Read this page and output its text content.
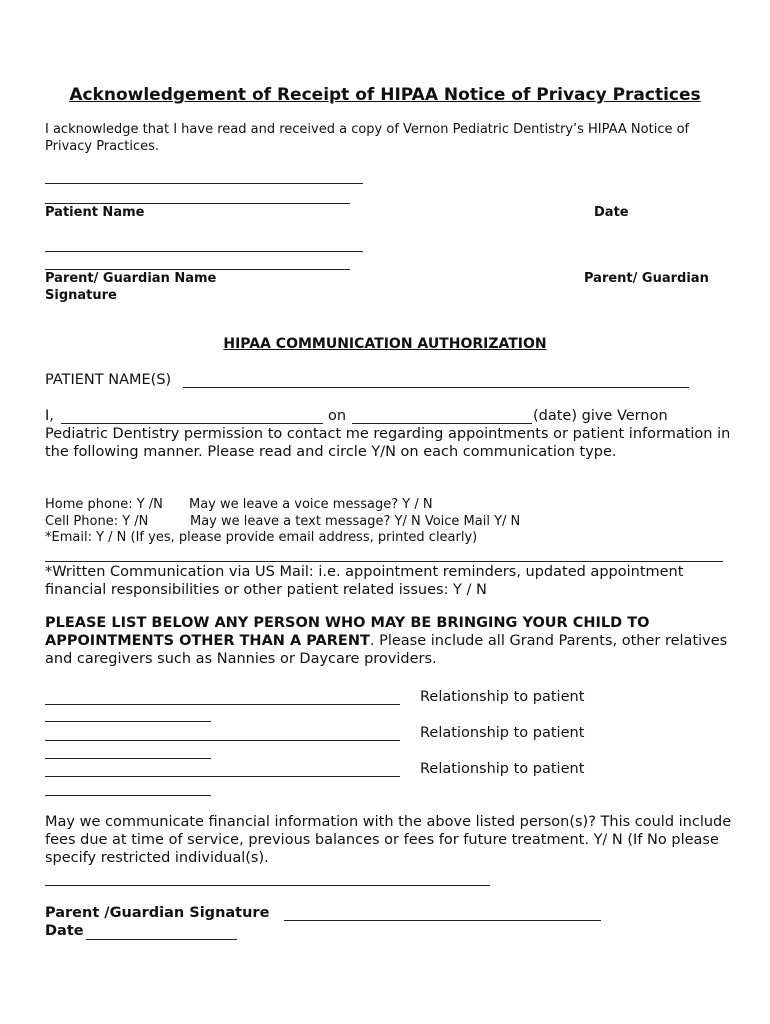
Acknowledgement of Receipt of HIPAA Notice of Privacy Practices
I acknowledge that I have read and received a copy of Vernon Pediatric Dentistry’s HIPAA Notice of Privacy Practices.
Patient Name	Date
Parent/ Guardian Name	Parent/ Guardian
Signature
HIPAA COMMUNICATION AUTHORIZATION
PATIENT NAME(S)
I,	on	(date) give Vernon
Pediatric Dentistry permission to contact me regarding appointments or patient information in the following manner. Please read and circle Y/N on each communication type.
Home phone: Y /N May we leave a voice message? Y / N
Cell Phone: Y /N	May we leave a text message? Y/ N Voice Mail Y/ N
*Email: Y / N (If yes, please provide email address, printed clearly)
*Written Communication via US Mail: i.e. appointment reminders, updated appointment financial responsibilities or other patient related issues: Y / N
PLEASE LIST BELOW ANY PERSON WHO MAY BE BRINGING YOUR CHILD TO APPOINTMENTS OTHER THAN A PARENT. Please include all Grand Parents, other relatives and caregivers such as Nannies or Daycare providers.
Relationship to patient
Relationship to patient
Relationship to patient
May we communicate financial information with the above listed person(s)? This could include fees due at time of service, previous balances or fees for future treatment. Y/ N (If No please specify restricted individual(s).
Parent /Guardian Signature
Date
